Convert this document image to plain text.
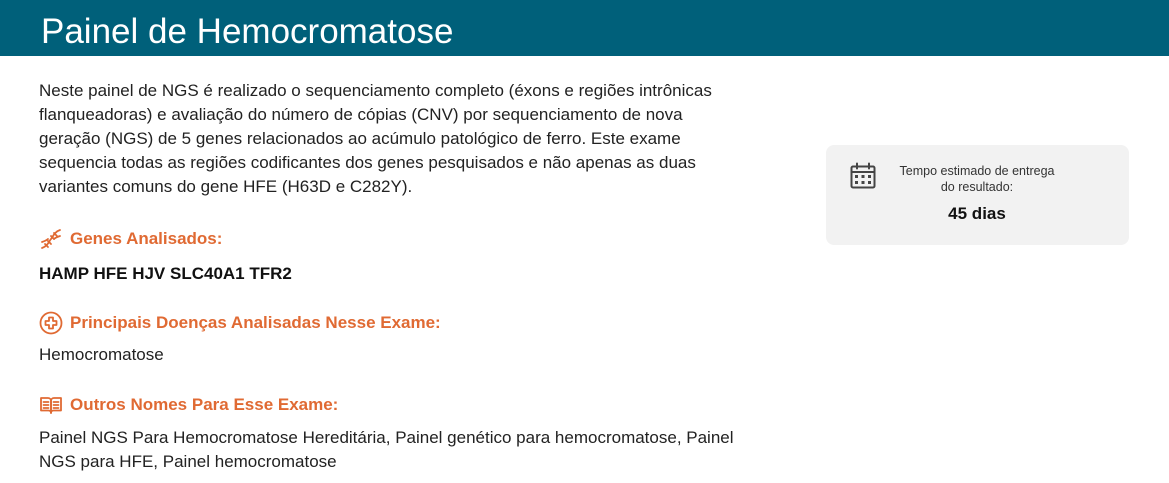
Painel de Hemocromatose

Neste painel de NGS é realizado o sequenciamento completo (éxons e regiões intrônicas flanqueadoras) e avaliação do número de cópias (CNV) por sequenciamento de nova geração (NGS) de 5 genes relacionados ao acúmulo patológico de ferro. Este exame sequencia todas as regiões codificantes dos genes pesquisados e não apenas as duas variantes comuns do gene HFE (H63D e C282Y).

Genes Analisados:
HAMP HFE HJV SLC40A1 TFR2
Principais Doenças Analisadas Nesse Exame:
Hemocromatose
Outros Nomes Para Esse Exame:
Painel NGS Para Hemocromatose Hereditária, Painel genético para hemocromatose, Painel NGS para HFE, Painel hemocromatose
Tempo estimado de entrega do resultado:
45 dias
